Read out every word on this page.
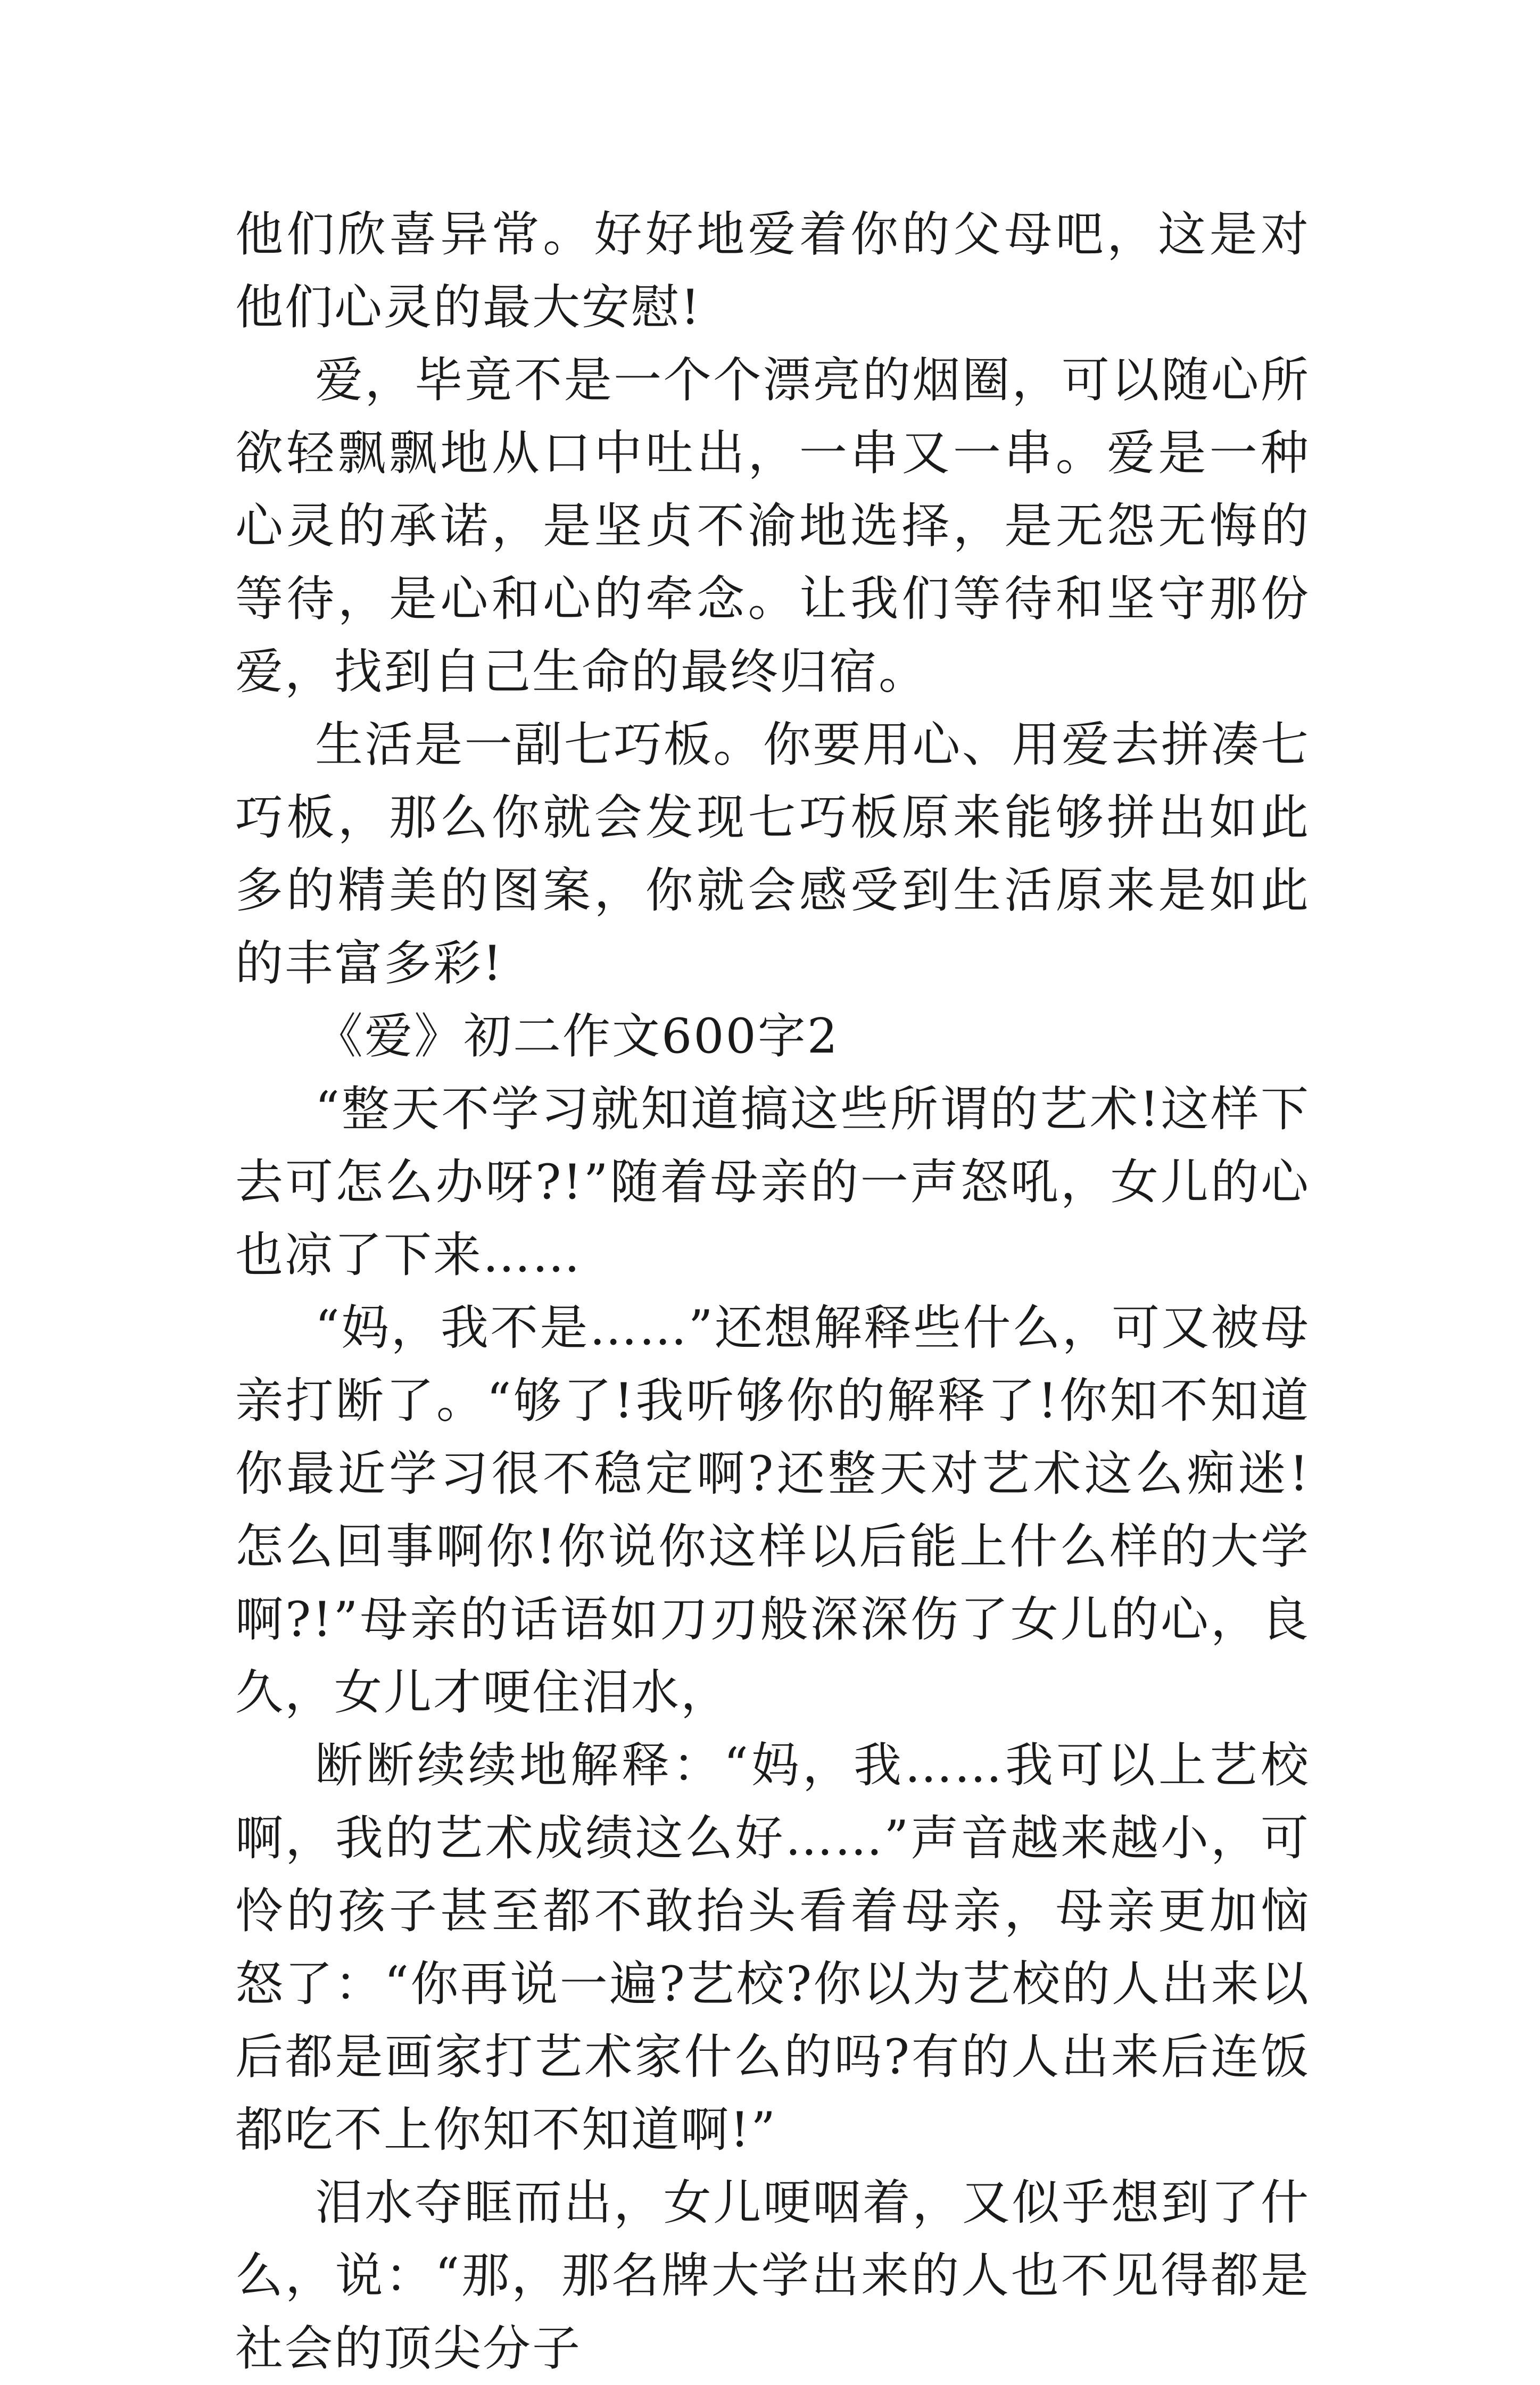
他们欣喜异常。好好地爱着你的父母吧，这是对他们心灵的最大安慰!

爱，毕竟不是一个个漂亮的烟圈，可以随心所欲轻飘飘地从口中吐出，一串又一串。爱是一种心灵的承诺，是坚贞不渝地选择，是无怨无悔的等待，是心和心的牵念。让我们等待和坚守那份爱，找到自己生命的最终归宿。

生活是一副七巧板。你要用心、用爱去拼凑七巧板，那么你就会发现七巧板原来能够拼出如此多的精美的图案，你就会感受到生活原来是如此的丰富多彩!

《爱》初二作文600字2

“整天不学习就知道搞这些所谓的艺术!这样下去可怎么办呀?!”随着母亲的一声怒吼，女儿的心也凉了下来……

“妈，我不是……”还想解释些什么，可又被母亲打断了。“够了!我听够你的解释了!你知不知道你最近学习很不稳定啊?还整天对艺术这么痴迷!怎么回事啊你!你说你这样以后能上什么样的大学啊?!”母亲的话语如刀刃般深深伤了女儿的心，良久，女儿才哽住泪水，

断断续续地解释：“妈，我……我可以上艺校啊，我的艺术成绩这么好……”声音越来越小，可怜的孩子甚至都不敢抬头看着母亲，母亲更加恼怒了：“你再说一遍?艺校?你以为艺校的人出来以后都是画家打艺术家什么的吗?有的人出来后连饭都吃不上你知不知道啊!”

泪水夺眶而出，女儿哽咽着，又似乎想到了什么，说：“那，那名牌大学出来的人也不见得都是社会的顶尖分子
